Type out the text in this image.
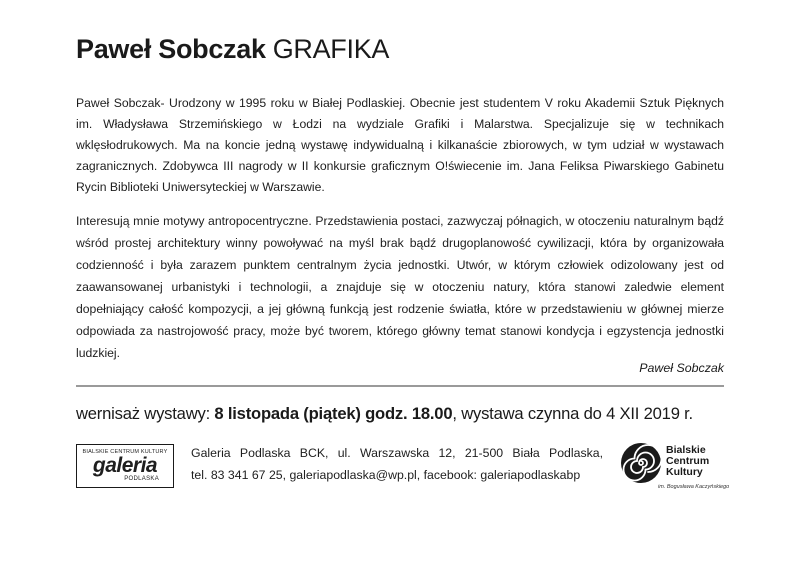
Paweł Sobczak GRAFIKA

Paweł Sobczak- Urodzony w 1995 roku w Białej Podlaskiej. Obecnie jest studentem V roku Akademii Sztuk Pięknych im. Władysława Strzemińskiego w Łodzi na wydziale Grafiki i Malarstwa. Specjalizuje się w technikach wklęsłodrukowych. Ma na koncie jedną wystawę indywidualną i kilkanaście zbiorowych, w tym udział w wystawach zagranicznych. Zdobywca III nagrody w II konkursie graficznym O!świecenie im. Jana Feliksa Piwarskiego Gabinetu Rycin Biblioteki Uniwersyteckiej w Warszawie.

Interesują mnie motywy antropocentryczne. Przedstawienia postaci, zazwyczaj półnagich, w otoczeniu naturalnym bądź wśród prostej architektury winny powoływać na myśl brak bądź drugoplanowość cywilizacji, która by organizowała codzienność i była zarazem punktem centralnym życia jednostki. Utwór, w którym człowiek odizolowany jest od zaawansowanej urbanistyki i technologii, a znajduje się w otoczeniu natury, która stanowi zaledwie element dopełniający całość kompozycji, a jej główną funkcją jest rodzenie światła, które w przedstawieniu w głównej mierze odpowiada za nastrojowość pracy, może być tworem, którego główny temat stanowi kondycja i egzystencja jednostki ludzkiej.

Paweł Sobczak
wernisaż wystawy: 8 listopada (piątek) godz. 18.00, wystawa czynna do 4 XII 2019 r.
BIALSKIE CENTRUM KULTURY
galeria
PODLASKA
Galeria Podlaska BCK, ul. Warszawska 12, 21-500 Biała Podlaska,
tel. 83 341 67 25, galeriapodlaska@wp.pl, facebook: galeriapodlaskabp
Bialskie
Centrum
Kultury
im. Bogusława Kaczyńskiego
